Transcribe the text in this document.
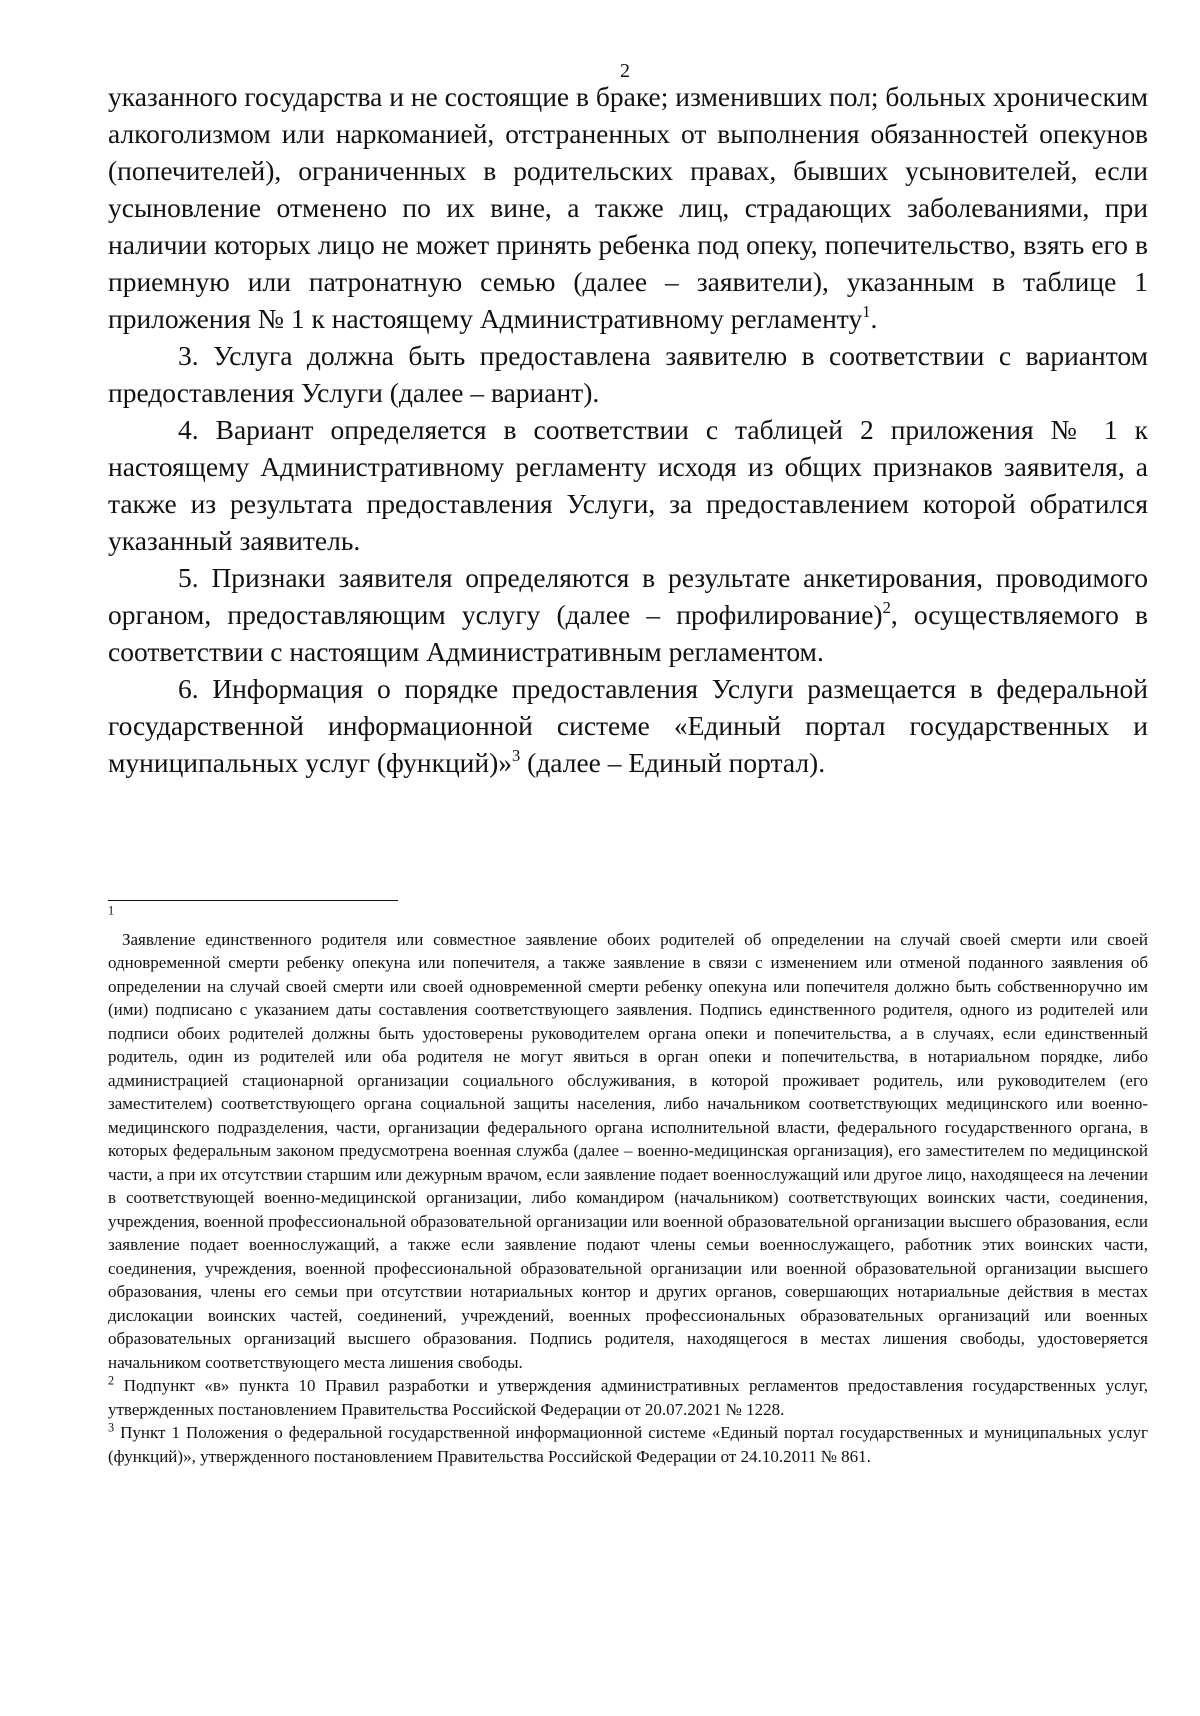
2

указанного государства и не состоящие в браке; изменивших пол; больных хроническим алкоголизмом или наркоманией, отстраненных от выполнения обязанностей опекунов (попечителей), ограниченных в родительских правах, бывших усыновителей, если усыновление отменено по их вине, а также лиц, страдающих заболеваниями, при наличии которых лицо не может принять ребенка под опеку, попечительство, взять его в приемную или патронатную семью (далее – заявители), указанным в таблице 1 приложения № 1 к настоящему Административному регламенту$^1$.

3. Услуга должна быть предоставлена заявителю в соответствии с вариантом предоставления Услуги (далее – вариант).

4. Вариант определяется в соответствии с таблицей 2 приложения № 1 к настоящему Административному регламенту исходя из общих признаков заявителя, а также из результата предоставления Услуги, за предоставлением которой обратился указанный заявитель.

5. Признаки заявителя определяются в результате анкетирования, проводимого органом, предоставляющим услугу (далее – профилирование)$^2$, осуществляемого в соответствии с настоящим Административным регламентом.

6. Информация о порядке предоставления Услуги размещается в федеральной государственной информационной системе «Единый портал государственных и муниципальных услуг (функций)»$^3$ (далее – Единый портал).

$^1$

Заявление единственного родителя или совместное заявление обоих родителей об определении на случай своей смерти или своей одновременной смерти ребенку опекуна или попечителя, а также заявление в связи с изменением или отменой поданного заявления об определении на случай своей смерти или своей одновременной смерти ребенку опекуна или попечителя должно быть собственноручно им (ими) подписано с указанием даты составления соответствующего заявления. Подпись единственного родителя, одного из родителей или подписи обоих родителей должны быть удостоверены руководителем органа опеки и попечительства, а в случаях, если единственный родитель, один из родителей или оба родителя не могут явиться в орган опеки и попечительства, в нотариальном порядке, либо администрацией стационарной организации социального обслуживания, в которой проживает родитель, или руководителем (его заместителем) соответствующего органа социальной защиты населения, либо начальником соответствующих медицинского или военно-медицинского подразделения, части, организации федерального органа исполнительной власти, федерального государственного органа, в которых федеральным законом предусмотрена военная служба (далее – военно-медицинская организация), его заместителем по медицинской части, а при их отсутствии старшим или дежурным врачом, если заявление подает военнослужащий или другое лицо, находящееся на лечении в соответствующей военно-медицинской организации, либо командиром (начальником) соответствующих воинских части, соединения, учреждения, военной профессиональной образовательной организации или военной образовательной организации высшего образования, если заявление подает военнослужащий, а также если заявление подают члены семьи военнослужащего, работник этих воинских части, соединения, учреждения, военной профессиональной образовательной организации или военной образовательной организации высшего образования, члены его семьи при отсутствии нотариальных контор и других органов, совершающих нотариальные действия в местах дислокации воинских частей, соединений, учреждений, военных профессиональных образовательных организаций или военных образовательных организаций высшего образования. Подпись родителя, находящегося в местах лишения свободы, удостоверяется начальником соответствующего места лишения свободы.

$^2$ Подпункт «в» пункта 10 Правил разработки и утверждения административных регламентов предоставления государственных услуг, утвержденных постановлением Правительства Российской Федерации от 20.07.2021 № 1228.

$^3$ Пункт 1 Положения о федеральной государственной информационной системе «Единый портал государственных и муниципальных услуг (функций)», утвержденного постановлением Правительства Российской Федерации от 24.10.2011 № 861.
